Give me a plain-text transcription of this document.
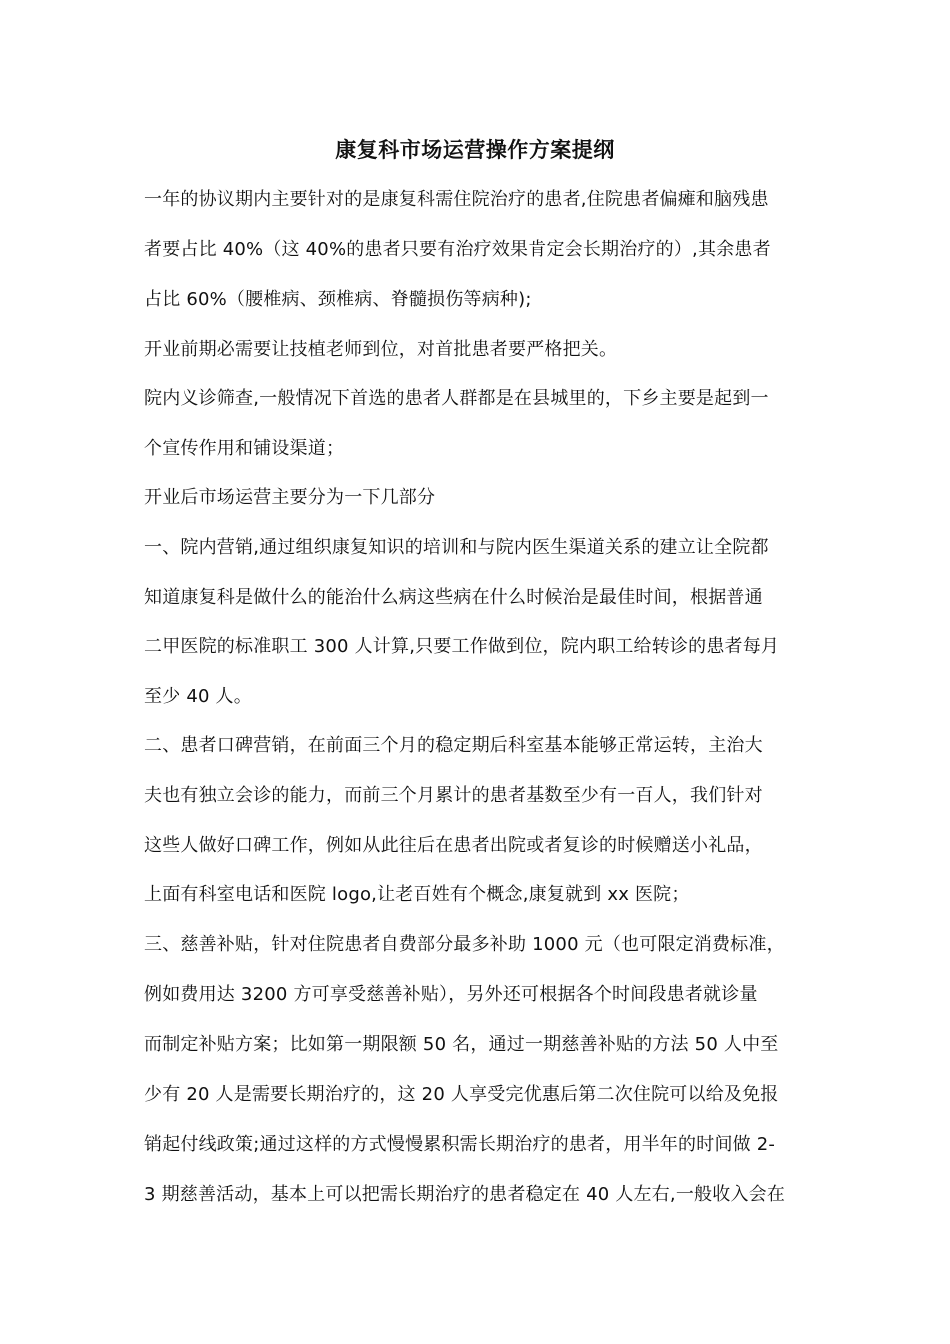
康复科市场运营操作方案提纲
一年的协议期内主要针对的是康复科需住院治疗的患者,住院患者偏瘫和脑残患
者要占比 40%（这 40%的患者只要有治疗效果肯定会长期治疗的）,其余患者
占比 60%（腰椎病、颈椎病、脊髓损伤等病种);
开业前期必需要让技植老师到位，对首批患者要严格把关。
院内义诊筛查,一般情况下首选的患者人群都是在县城里的，下乡主要是起到一
个宣传作用和铺设渠道；
开业后市场运营主要分为一下几部分
一、院内营销,通过组织康复知识的培训和与院内医生渠道关系的建立让全院都
知道康复科是做什么的能治什么病这些病在什么时候治是最佳时间，根据普通
二甲医院的标准职工 300 人计算,只要工作做到位，院内职工给转诊的患者每月
至少 40 人。
二、患者口碑营销，在前面三个月的稳定期后科室基本能够正常运转，主治大
夫也有独立会诊的能力，而前三个月累计的患者基数至少有一百人，我们针对
这些人做好口碑工作，例如从此往后在患者出院或者复诊的时候赠送小礼品，
上面有科室电话和医院 logo,让老百姓有个概念,康复就到 xx 医院；
三、慈善补贴，针对住院患者自费部分最多补助 1000 元（也可限定消费标准，
例如费用达 3200 方可享受慈善补贴），另外还可根据各个时间段患者就诊量
而制定补贴方案；比如第一期限额 50 名，通过一期慈善补贴的方法 50 人中至
少有 20 人是需要长期治疗的，这 20 人享受完优惠后第二次住院可以给及免报
销起付线政策;通过这样的方式慢慢累积需长期治疗的患者，用半年的时间做 2-
3 期慈善活动，基本上可以把需长期治疗的患者稳定在 40 人左右,一般收入会在
